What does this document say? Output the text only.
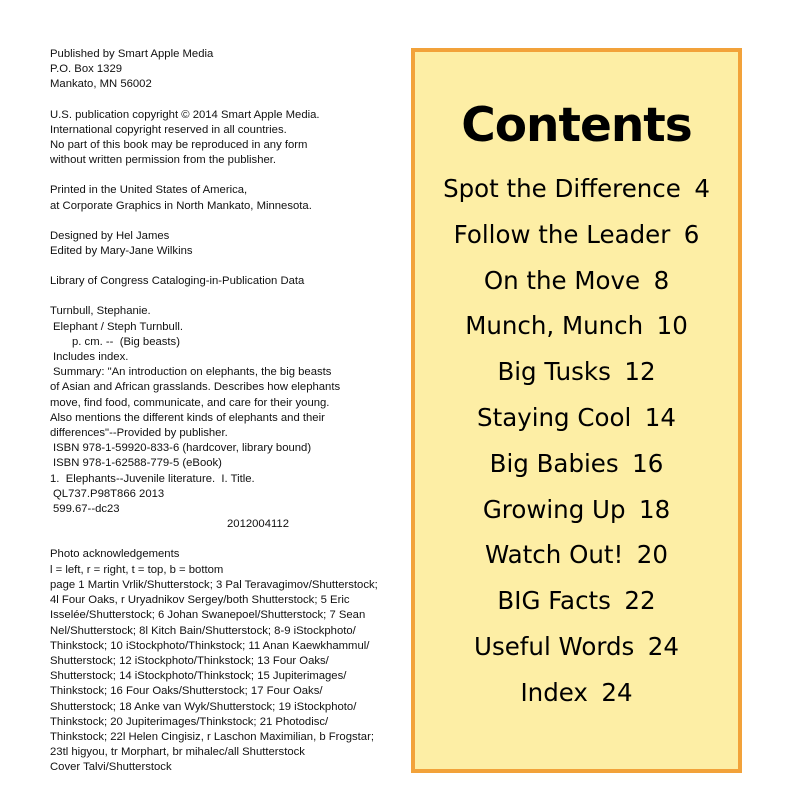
Published by Smart Apple Media
P.O. Box 1329
Mankato, MN 56002
U.S. publication copyright © 2014 Smart Apple Media.
International copyright reserved in all countries.
No part of this book may be reproduced in any form
without written permission from the publisher.
Printed in the United States of America,
at Corporate Graphics in North Mankato, Minnesota.
Designed by Hel James
Edited by Mary-Jane Wilkins
Library of Congress Cataloging-in-Publication Data
Turnbull, Stephanie.
Elephant / Steph Turnbull.
p. cm. --  (Big beasts)
Includes index.
Summary: "An introduction on elephants, the big beasts
of Asian and African grasslands. Describes how elephants
move, find food, communicate, and care for their young.
Also mentions the different kinds of elephants and their
differences"--Provided by publisher.
ISBN 978-1-59920-833-6 (hardcover, library bound)
ISBN 978-1-62588-779-5 (eBook)
1.  Elephants--Juvenile literature.  I. Title.
QL737.P98T866 2013
599.67--dc23
2012004112
Photo acknowledgements
l = left, r = right, t = top, b = bottom
page 1 Martin Vrlik/Shutterstock; 3 Pal Teravagimov/Shutterstock;
4l Four Oaks, r Uryadnikov Sergey/both Shutterstock; 5 Eric
Isselée/Shutterstock; 6 Johan Swanepoel/Shutterstock; 7 Sean
Nel/Shutterstock; 8l Kitch Bain/Shutterstock; 8-9 iStockphoto/
Thinkstock; 10 iStockphoto/Thinkstock; 11 Anan Kaewkhammul/
Shutterstock; 12 iStockphoto/Thinkstock; 13 Four Oaks/
Shutterstock; 14 iStockphoto/Thinkstock; 15 Jupiterimages/
Thinkstock; 16 Four Oaks/Shutterstock; 17 Four Oaks/
Shutterstock; 18 Anke van Wyk/Shutterstock; 19 iStockphoto/
Thinkstock; 20 Jupiterimages/Thinkstock; 21 Photodisc/
Thinkstock; 22l Helen Cingisiz, r Laschon Maximilian, b Frogstar;
23tl higyou, tr Morphart, br mihalec/all Shutterstock
Cover Talvi/Shutterstock
Contents
Spot the Difference 4
Follow the Leader 6
On the Move 8
Munch, Munch 10
Big Tusks 12
Staying Cool 14
Big Babies 16
Growing Up 18
Watch Out! 20
BIG Facts 22
Useful Words 24
Index 24
